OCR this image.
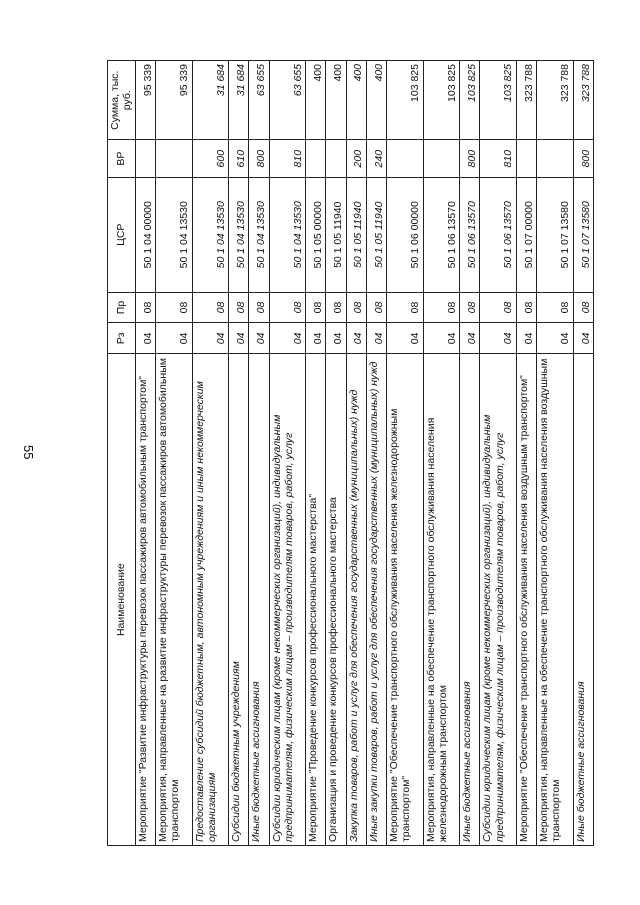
55
Наименование	Рз	Пр	ЦСР	ВР	Сумма, тыс. руб.
Мероприятие "Развитие инфраструктуры перевозок пассажиров автомобильным транспортом"	04	08	50 1 04 00000		95 339
Мероприятия, направленные на развитие инфраструктуры перевозок пассажиров автомобильным транспортом	04	08	50 1 04 13530		95 339
Предоставление субсидий бюджетным, автономным учреждениям и иным некоммерческим организациям	04	08	50 1 04 13530	600	31 684
Субсидии бюджетным учреждениям	04	08	50 1 04 13530	610	31 684
Иные бюджетные ассигнования	04	08	50 1 04 13530	800	63 655
Субсидии юридическим лицам (кроме некоммерческих организаций), индивидуальным предпринимателям, физическим лицам – производителям товаров, работ, услуг	04	08	50 1 04 13530	810	63 655
Мероприятие "Проведение конкурсов профессионального мастерства"	04	08	50 1 05 00000		400
Организация и проведение конкурсов профессионального мастерства	04	08	50 1 05 11940		400
Закупка товаров, работ и услуг для обеспечения государственных (муниципальных) нужд	04	08	50 1 05 11940	200	400
Иные закупки товаров, работ и услуг для обеспечения государственных (муниципальных) нужд	04	08	50 1 05 11940	240	400
Мероприятие "Обеспечение транспортного обслуживания населения железнодорожным транспортом"	04	08	50 1 06 00000		103 825
Мероприятия, направленные на обеспечение транспортного обслуживания населения железнодорожным транспортом	04	08	50 1 06 13570		103 825
Иные бюджетные ассигнования	04	08	50 1 06 13570	800	103 825
Субсидии юридическим лицам (кроме некоммерческих организаций), индивидуальным предпринимателям, физическим лицам – производителям товаров, работ, услуг	04	08	50 1 06 13570	810	103 825
Мероприятие "Обеспечение транспортного обслуживания населения воздушным транспортом"	04	08	50 1 07 00000		323 788
Мероприятия, направленные на обеспечение транспортного обслуживания населения воздушным транспортом	04	08	50 1 07 13580		323 788
Иные бюджетные ассигнования	04	08	50 1 07 13580	800	323 788
